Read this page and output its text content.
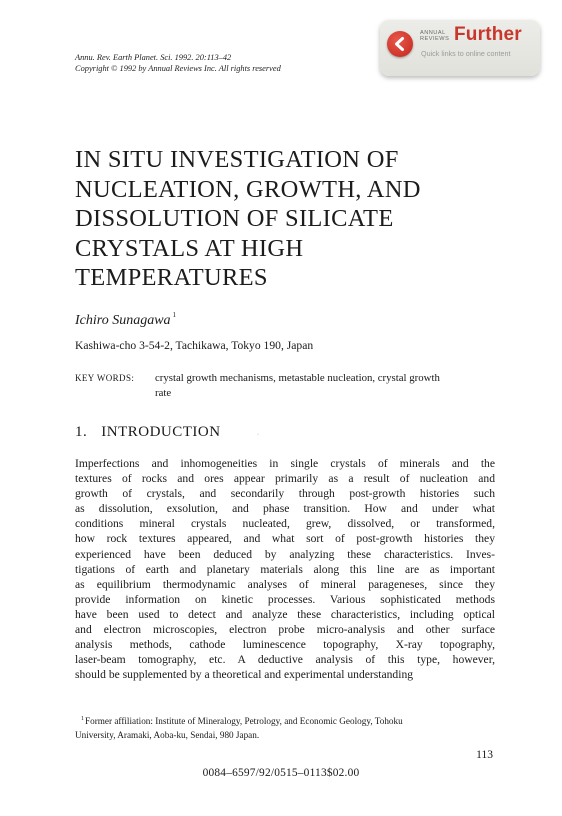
Annu. Rev. Earth Planet. Sci. 1992. 20:113–42
Copyright © 1992 by Annual Reviews Inc. All rights reserved
ANNUAL
REVIEWS Further
Quick links to online content
IN SITU INVESTIGATION OF
NUCLEATION, GROWTH, AND
DISSOLUTION OF SILICATE
CRYSTALS AT HIGH
TEMPERATURES
Ichiro Sunagawa $^1$
Kashiwa-cho 3-54-2, Tachikawa, Tokyo 190, Japan
KEY WORDS: crystal growth mechanisms, metastable nucleation, crystal growth
rate
1. INTRODUCTION	·
Imperfections and inhomogeneities in single crystals of minerals and the
textures of rocks and ores appear primarily as a result of nucleation and
growth of crystals, and secondarily through post-growth histories such
as dissolution, exsolution, and phase transition. How and under what
conditions mineral crystals nucleated, grew, dissolved, or transformed,
how rock textures appeared, and what sort of post-growth histories they
experienced have been deduced by analyzing these characteristics. Inves-
tigations of earth and planetary materials along this line are as important
as equilibrium thermodynamic analyses of mineral parageneses, since they
provide information on kinetic processes. Various sophisticated methods
have been used to detect and analyze these characteristics, including optical
and electron microscopies, electron probe micro-analysis and other surface
analysis methods, cathode luminescence topography, X-ray topography,
laser-beam tomography, etc. A deductive analysis of this type, however,
should be supplemented by a theoretical and experimental understanding
$^1$Former affiliation: Institute of Mineralogy, Petrology, and Economic Geology, Tohoku
University, Aramaki, Aoba-ku, Sendai, 980 Japan.
113
0084–6597/92/0515–0113$02.00
